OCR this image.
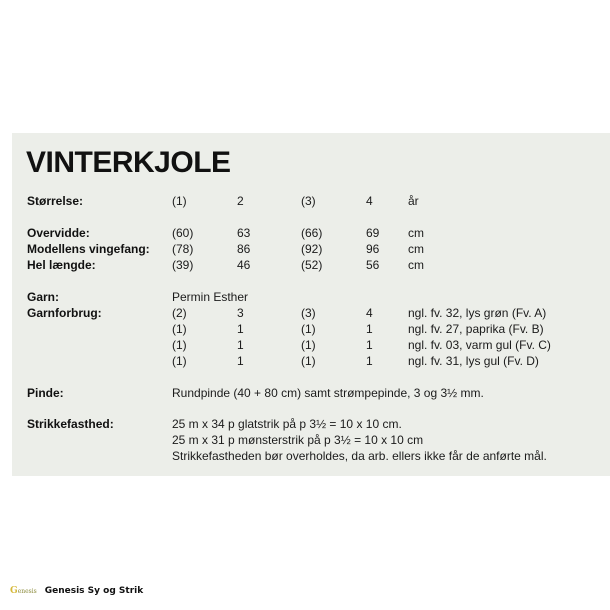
VINTERKJOLE
Størrelse:	(1)	2	(3)	4	år
Overvidde:	(60)	63	(66)	69 cm
Modellens vingefang: (78)	86	(92)	96 cm
Hel længde:	(39)	46	(52)	56 cm
Garn:	Permin Esther
Garnforbrug:	(2)	3	(3)	4	ngl. fv. 32, lys grøn (Fv. A)
(1)	1	(1)	1	ngl. fv. 27, paprika (Fv. B)
(1)	1	(1)	1	ngl. fv. 03, varm gul (Fv. C)
(1)	1	(1)	1	ngl. fv. 31, lys gul (Fv. D)
Pinde:	Rundpinde (40 + 80 cm) samt strømpepinde, 3 og 3½ mm.
Strikkefasthed:	25 m x 34 p glatstrik på p 3½ = 10 x 10 cm.
25 m x 31 p mønsterstrik på p 3½ = 10 x 10 cm
Strikkefastheden bør overholdes, da arb. ellers ikke får de anførte mål.
G enesis Genesis Sy og Strik
